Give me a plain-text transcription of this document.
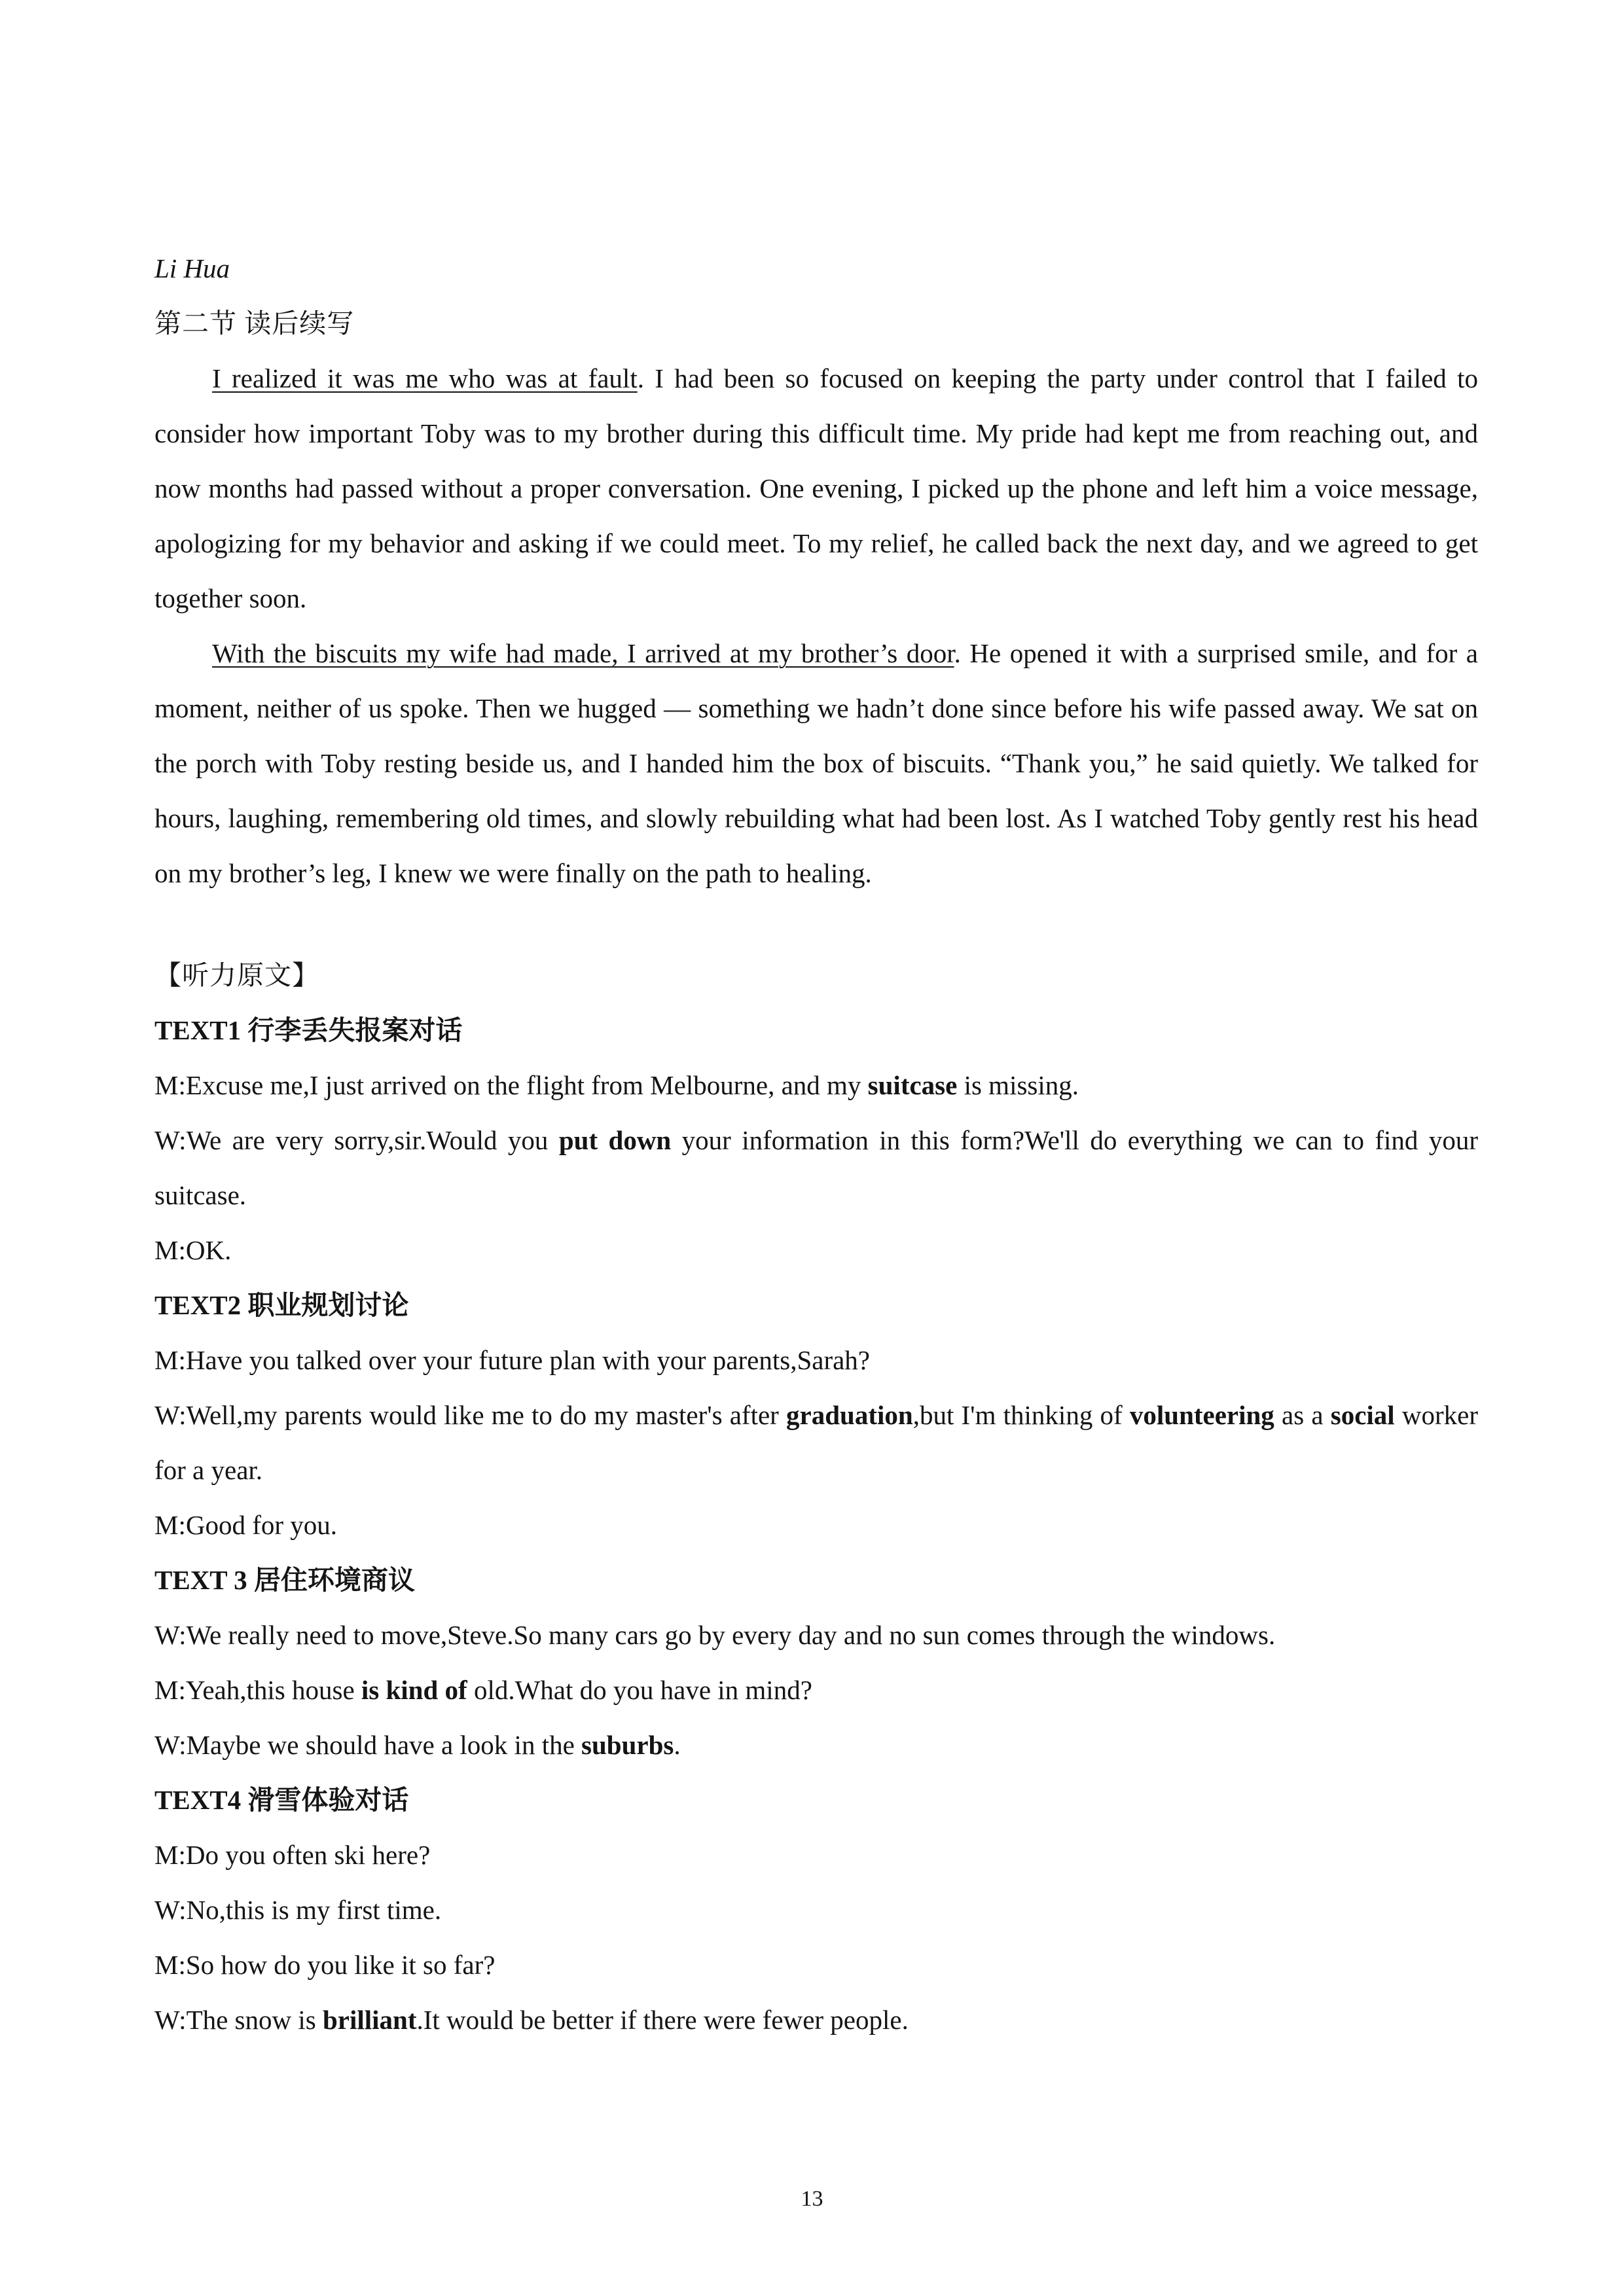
Li Hua

第二节 读后续写

I realized it was me who was at fault. I had been so focused on keeping the party under control that I failed to consider how important Toby was to my brother during this difficult time. My pride had kept me from reaching out, and now months had passed without a proper conversation. One evening, I picked up the phone and left him a voice message, apologizing for my behavior and asking if we could meet. To my relief, he called back the next day, and we agreed to get together soon.

With the biscuits my wife had made, I arrived at my brother’s door. He opened it with a surprised smile, and for a moment, neither of us spoke. Then we hugged — something we hadn’t done since before his wife passed away. We sat on the porch with Toby resting beside us, and I handed him the box of biscuits. “Thank you,” he said quietly. We talked for hours, laughing, remembering old times, and slowly rebuilding what had been lost. As I watched Toby gently rest his head on my brother’s leg, I knew we were finally on the path to healing.

【听力原文】

TEXT1 行李丢失报案对话

M:Excuse me,I just arrived on the flight from Melbourne, and my suitcase is missing.

W:We are very sorry,sir.Would you put down your information in this form?We'll do everything we can to find your suitcase.

M:OK.

TEXT2 职业规划讨论

M:Have you talked over your future plan with your parents,Sarah?

W:Well,my parents would like me to do my master's after graduation,but I'm thinking of volunteering as a social worker for a year.

M:Good for you.

TEXT 3 居住环境商议

W:We really need to move,Steve.So many cars go by every day and no sun comes through the windows.

M:Yeah,this house is kind of old.What do you have in mind?

W:Maybe we should have a look in the suburbs.

TEXT4 滑雪体验对话

M:Do you often ski here?

W:No,this is my first time.

M:So how do you like it so far?

W:The snow is brilliant.It would be better if there were fewer people.

13
